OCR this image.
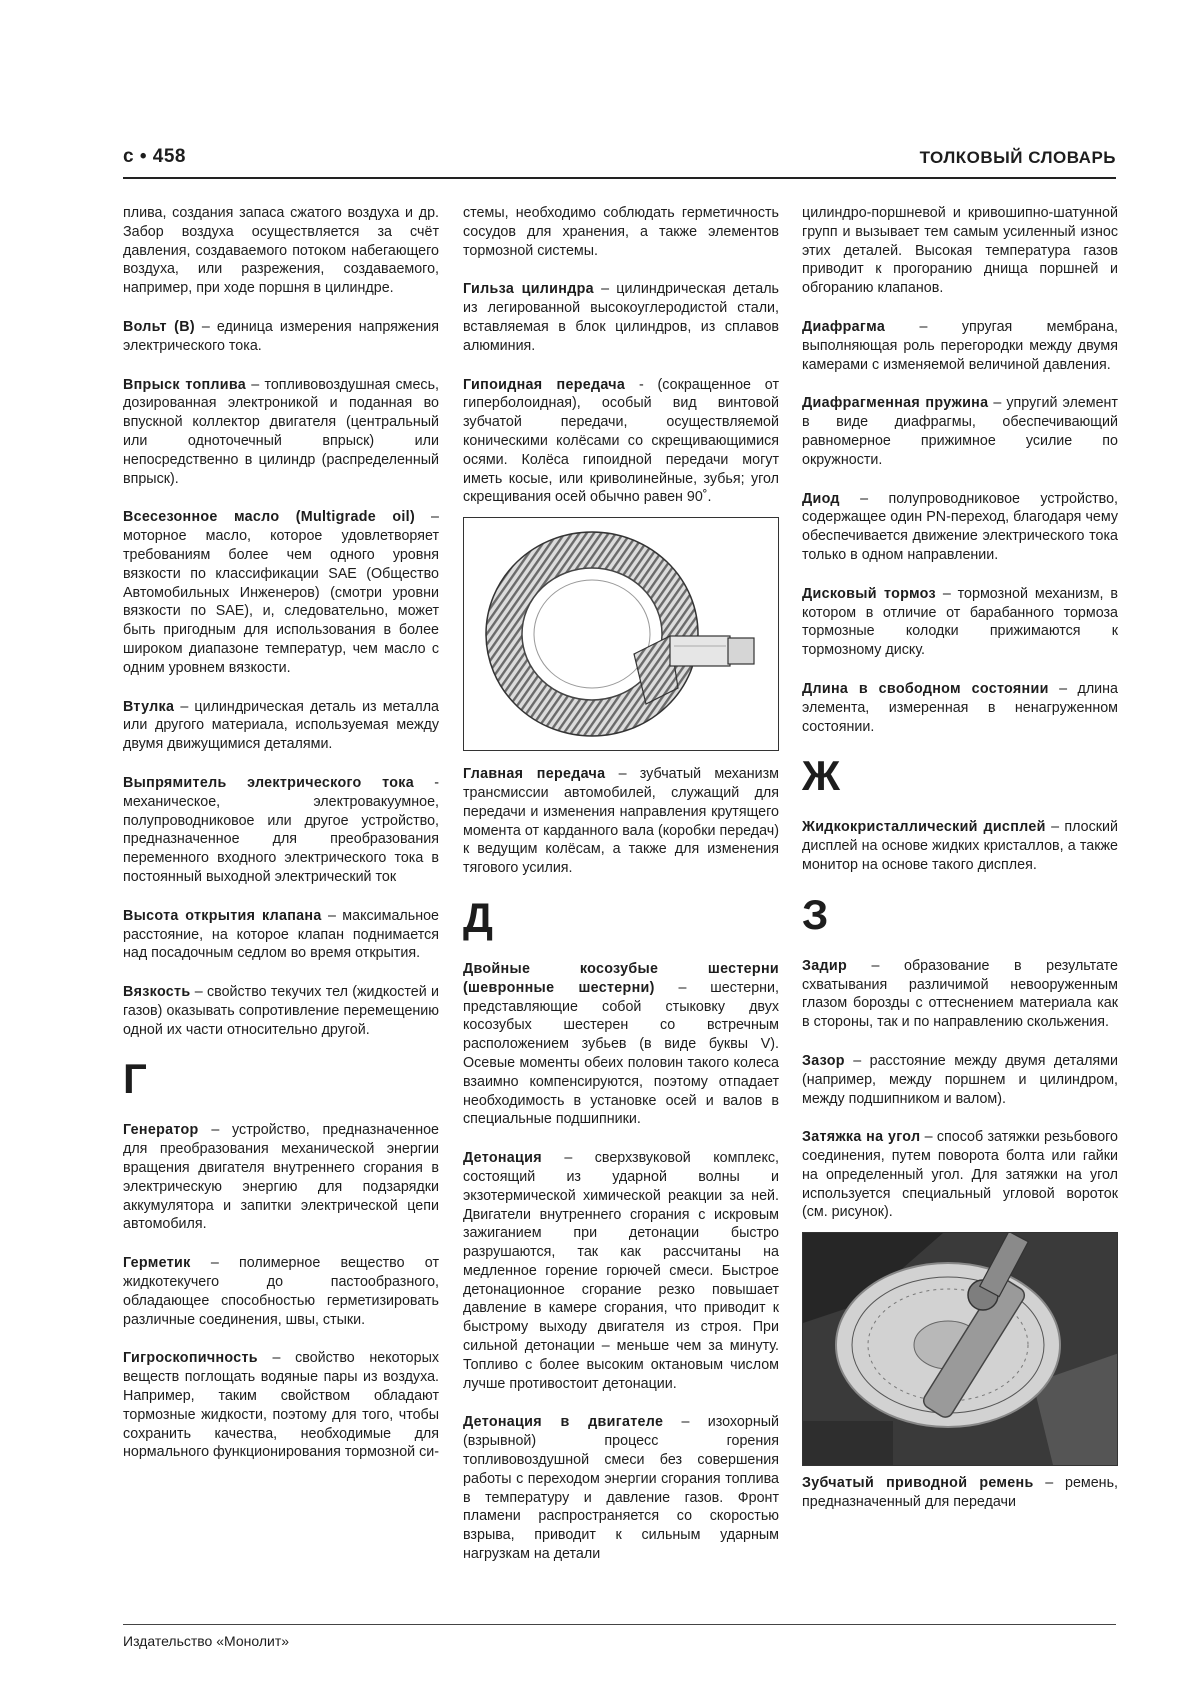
с • 458	ТОЛКОВЫЙ СЛОВАРЬ

плива, создания запаса сжатого воздуха и др. Забор воздуха осуществляется за счёт давления, создаваемого потоком набегающего воздуха, или разрежения, создаваемого, например, при ходе поршня в цилиндре.

Вольт (В) – единица измерения напряжения электрического тока.

Впрыск топлива – топливовоздушная смесь, дозированная электроникой и поданная во впускной коллектор двигателя (центральный или одноточечный впрыск) или непосредственно в цилиндр (распределенный впрыск).

Всесезонное масло (Multigrade oil) – моторное масло, которое удовлетворяет требованиям более чем одного уровня вязкости по классификации SAE (Общество Автомобильных Инженеров) (смотри уровни вязкости по SAE), и, следовательно, может быть пригодным для использования в более широком диапазоне температур, чем масло с одним уровнем вязкости.

Втулка – цилиндрическая деталь из металла или другого материала, используемая между двумя движущимися деталями.

Выпрямитель электрического тока - механическое, электровакуумное, полупроводниковое или другое устройство, предназначенное для преобразования переменного входного электрического тока в постоянный выходной электрический ток

Высота открытия клапана – максимальное расстояние, на которое клапан поднимается над посадочным седлом во время открытия.

Вязкость – свойство текучих тел (жидкостей и газов) оказывать сопротивление перемещению одной их части относительно другой.

Г

Генератор – устройство, предназначенное для преобразования механической энергии вращения двигателя внутреннего сгорания в электрическую энергию для подзарядки аккумулятора и запитки электрической цепи автомобиля.

Герметик – полимерное вещество от жидкотекучего до пастообразного, обладающее способностью герметизировать различные соединения, швы, стыки.

Гигроскопичность – свойство некоторых веществ поглощать водяные пары из воздуха. Например, таким свойством обладают тормозные жидкости, поэтому для того, чтобы сохранить качества, необходимые для нормального функционирования тормозной си-

стемы, необходимо соблюдать герметичность сосудов для хранения, а также элементов тормозной системы.

Гильза цилиндра – цилиндрическая деталь из легированной высокоуглеродистой стали, вставляемая в блок цилиндров, из сплавов алюминия.

Гипоидная передача - (сокращенное от гиперболоидная), особый вид винтовой зубчатой передачи, осуществляемой коническими колёсами со скрещивающимися осями. Колёса гипоидной передачи могут иметь косые, или криволинейные, зубья; угол скрещивания осей обычно равен 90˚.

Главная передача – зубчатый механизм трансмиссии автомобилей, служащий для передачи и изменения направления крутящего момента от карданного вала (коробки передач) к ведущим колёсам, а также для изменения тягового усилия.

Д

Двойные косозубые шестерни (шевронные шестерни) – шестерни, представляющие собой стыковку двух косозубых шестерен со встречным расположением зубьев (в виде буквы V). Осевые моменты обеих половин такого колеса взаимно компенсируются, поэтому отпадает необходимость в установке осей и валов в специальные подшипники.

Детонация – сверхзвуковой комплекс, состоящий из ударной волны и экзотермической химической реакции за ней. Двигатели внутреннего сгорания с искровым зажиганием при детонации быстро разрушаются, так как рассчитаны на медленное горение горючей смеси. Быстрое детонационное сгорание резко повышает давление в камере сгорания, что приводит к быстрому выходу двигателя из строя. При сильной детонации – меньше чем за минуту. Топливо с более высоким октановым числом лучше противостоит детонации.

Детонация в двигателе – изохорный (взрывной) процесс горения топливовоздушной смеси без совершения работы с переходом энергии сгорания топлива в температуру и давление газов. Фронт пламени распространяется со скоростью взрыва, приводит к сильным ударным нагрузкам на детали

цилиндро-поршневой и кривошипно-шатунной групп и вызывает тем самым усиленный износ этих деталей. Высокая температура газов приводит к прогоранию днища поршней и обгоранию клапанов.

Диафрагма – упругая мембрана, выполняющая роль перегородки между двумя камерами с изменяемой величиной давления.

Диафрагменная пружина – упругий элемент в виде диафрагмы, обеспечивающий равномерное прижимное усилие по окружности.

Диод – полупроводниковое устройство, содержащее один PN-переход, благодаря чему обеспечивается движение электрического тока только в одном направлении.

Дисковый тормоз – тормозной механизм, в котором в отличие от барабанного тормоза тормозные колодки прижимаются к тормозному диску.

Длина в свободном состоянии – длина элемента, измеренная в ненагруженном состоянии.

Ж

Жидкокристаллический дисплей – плоский дисплей на основе жидких кристаллов, а также монитор на основе такого дисплея.

З

Задир – образование в результате схватывания различимой невооруженным глазом борозды с оттеснением материала как в стороны, так и по направлению скольжения.

Зазор – расстояние между двумя деталями (например, между поршнем и цилиндром, между подшипником и валом).

Затяжка на угол – способ затяжки резьбового соединения, путем поворота болта или гайки на определенный угол. Для затяжки на угол используется специальный угловой вороток (см. рисунок).

Зубчатый приводной ремень – ремень, предназначенный для передачи

Издательство «Монолит»
